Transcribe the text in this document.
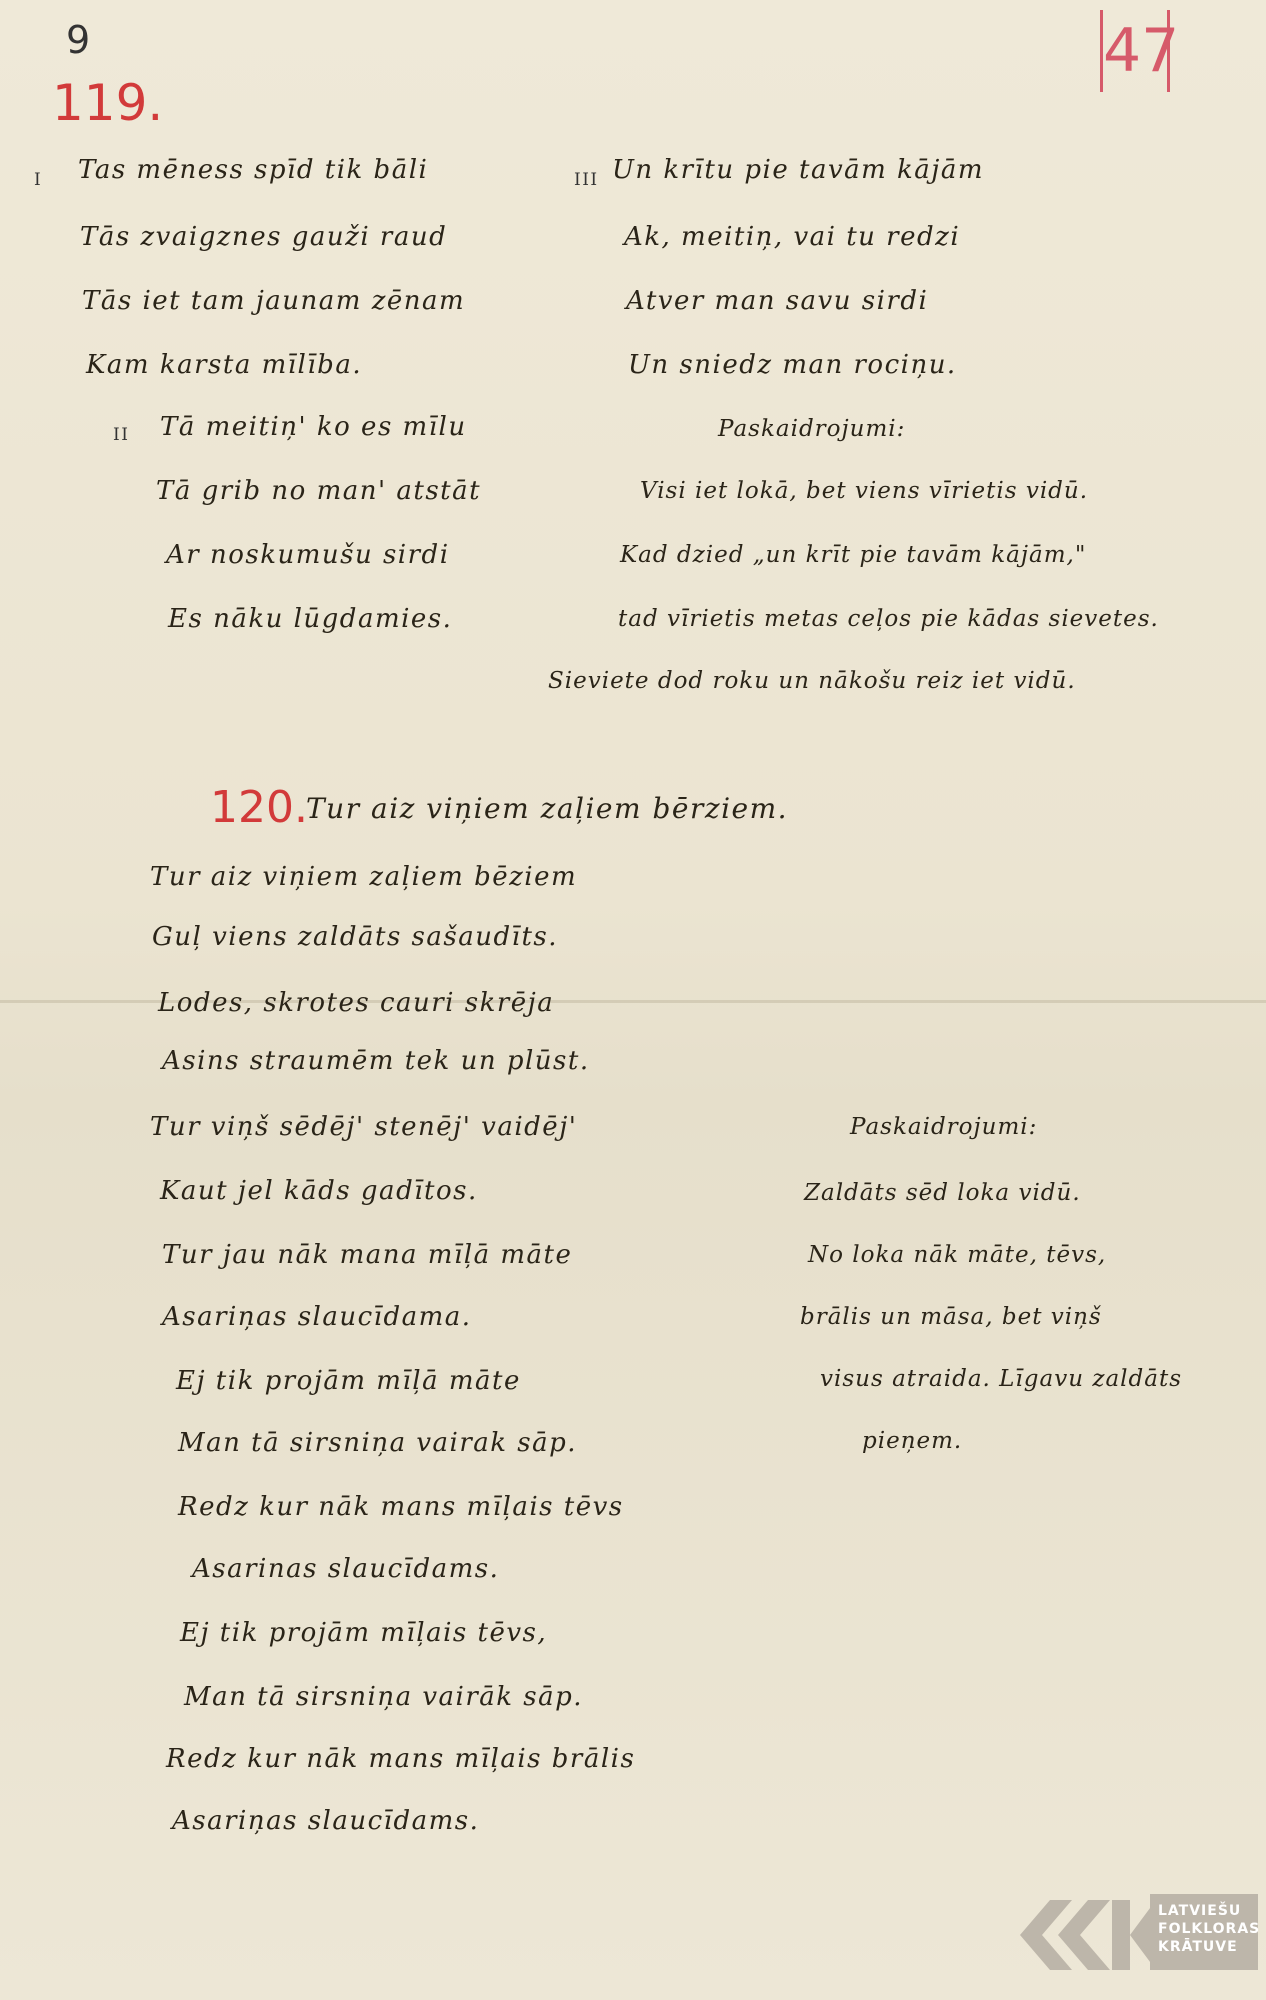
9	47
119.
I Tas mēness spīd tik bāli
Tās zvaigznes gauži raud
Tās iet tam jaunam zēnam
Kam karsta mīlība.
II Tā meitiņ' ko es mīlu
Tā grib no man' atstāt
Ar noskumušu sirdi
Es nāku lūgdamies.
III Un krītu pie tavām kājām
Ak, meitiņ, vai tu redzi
Atver man savu sirdi
Un sniedz man rociņu.
Paskaidrojumi:
Visi iet lokā, bet viens vīrietis vidū.
Kad dzied „un krīt pie tavām kājām,"
tad vīrietis metas ceļos pie kādas sievetes.
Sieviete dod roku un nākošu reiz iet vidū.
120.
Tur aiz viņiem zaļiem bērziem.
Tur aiz viņiem zaļiem bēziem
Guļ viens zaldāts sašaudīts.
Lodes, skrotes cauri skrēja
Asins straumēm tek un plūst.
Tur viņš sēdēj' stenēj' vaidēj'
Kaut jel kāds gadītos.
Tur jau nāk mana mīļā māte
Asariņas slaucīdama.
Ej tik projām mīļā māte
Man tā sirsniņa vairak sāp.
Redz kur nāk mans mīļais tēvs
Asarinas slaucīdams.
Ej tik projām mīļais tēvs,
Man tā sirsniņa vairāk sāp.
Redz kur nāk mans mīļais brālis
Asariņas slaucīdams.
Paskaidrojumi:
Zaldāts sēd loka vidū.
No loka nāk māte, tēvs,
brālis un māsa, bet viņš
visus atraida. Līgavu zaldāts
pieņem.
LATVIEŠU
FOLKLORAS
KRĀTUVE
